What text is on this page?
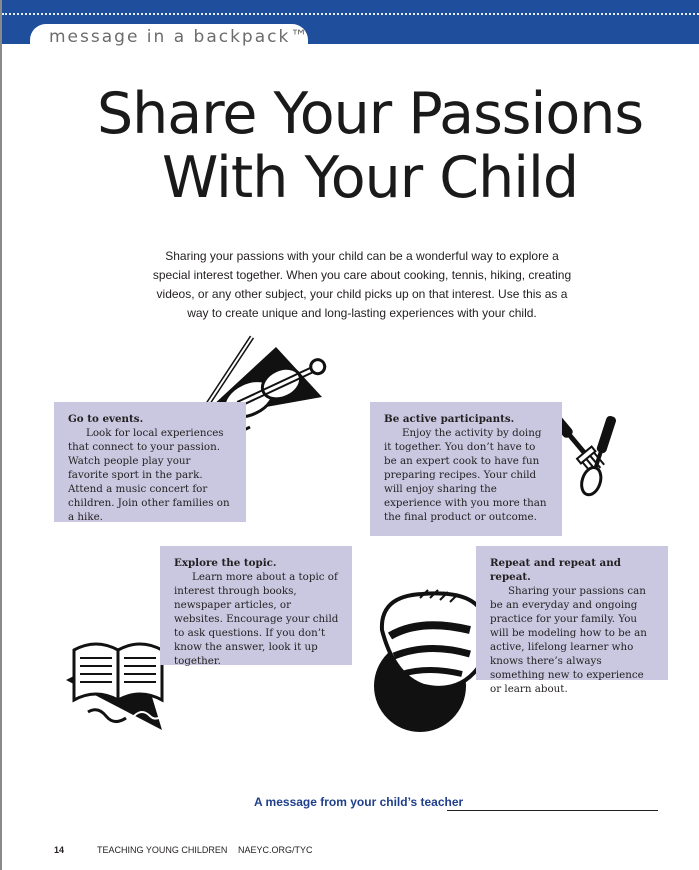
message in a backpack™
Share Your Passions
With Your Child
Sharing your passions with your child can be a wonderful way to explore a special interest together. When you care about cooking, tennis, hiking, creating videos, or any other subject, your child picks up on that interest. Use this as a way to create unique and long-lasting experiences with your child.
Go to events.
Look for local experiences that connect to your passion. Watch people play your favorite sport in the park. Attend a music concert for children. Join other families on a hike.
Be active participants.
Enjoy the activity by doing it together. You don’t have to be an expert cook to have fun preparing recipes. Your child will enjoy sharing the experience with you more than the final product or outcome.
Explore the topic.
Learn more about a topic of interest through books, newspaper articles, or websites. Encourage your child to ask questions. If you don’t know the answer, look it up together.
Repeat and repeat and repeat.
Sharing your passions can be an everyday and ongoing practice for your family. You will be modeling how to be an active, lifelong learner who knows there’s always something new to experience or learn about.
A message from your child’s teacher
14	TEACHING YOUNG CHILDREN NAEYC.ORG/TYC
